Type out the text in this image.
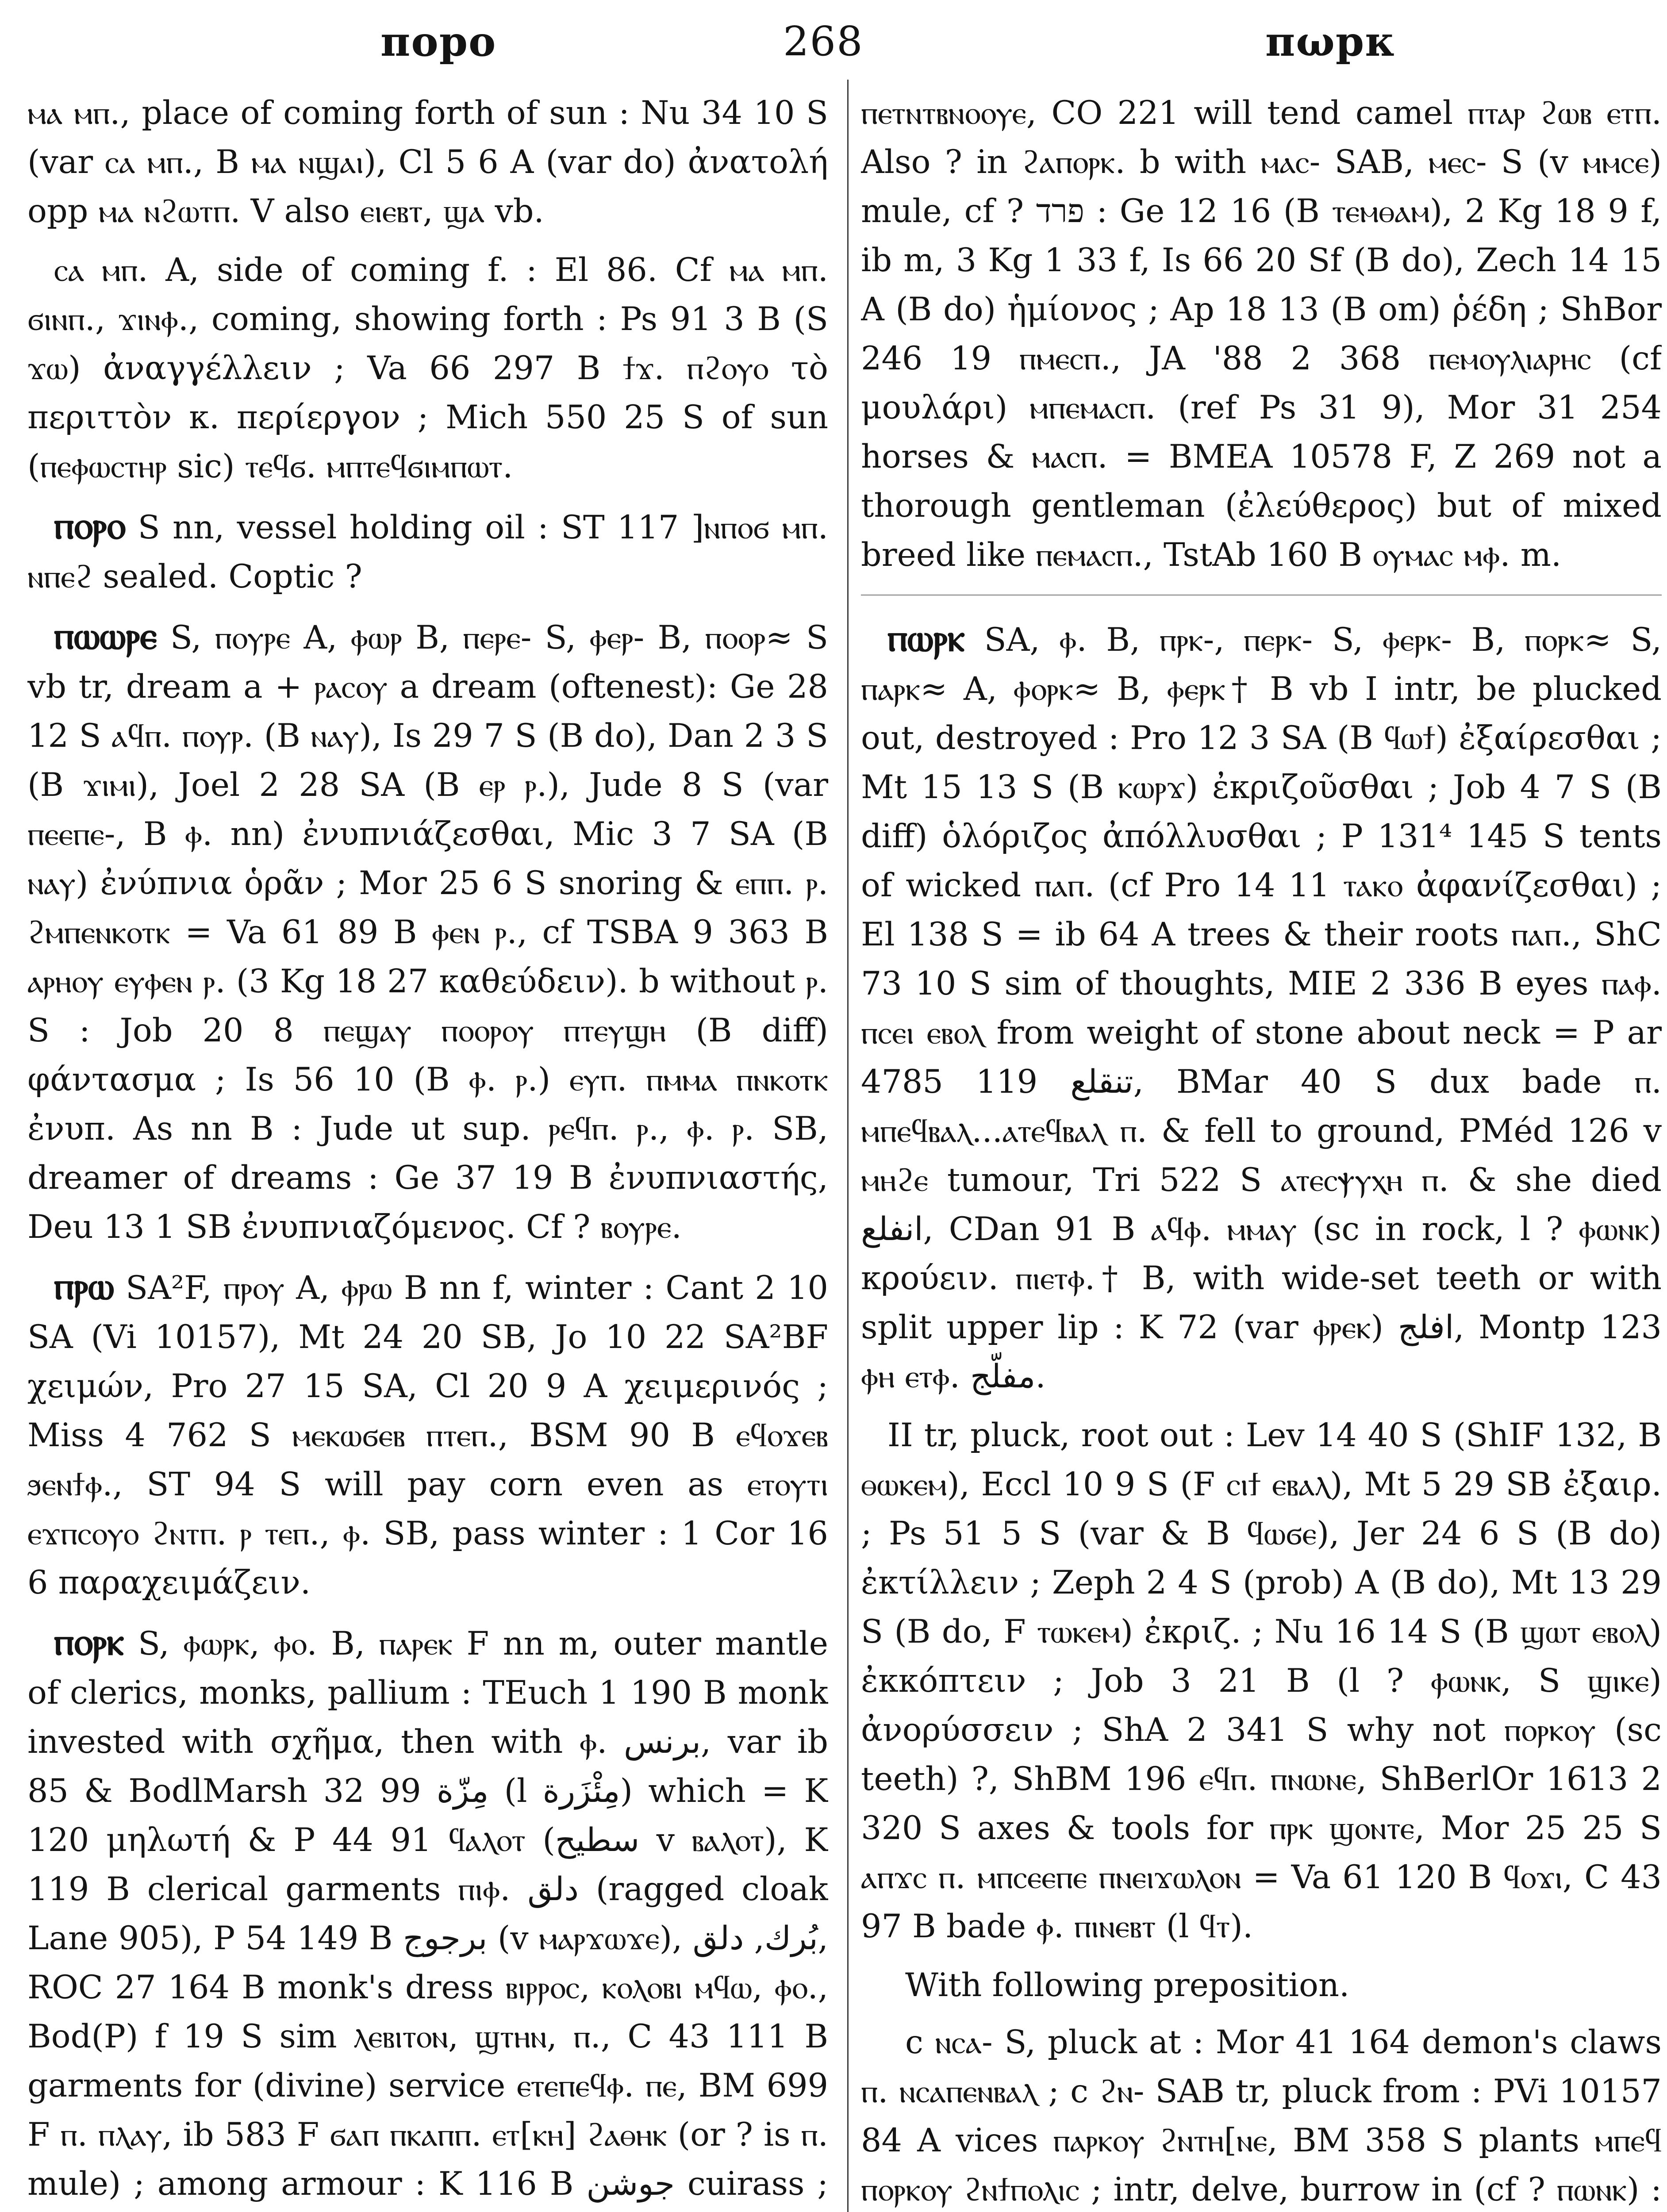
ποpo	268	πωpκ

ⲙⲁ ⲙⲡ., place of coming forth of sun : Nu 34 10 S (var ⲥⲁ ⲙⲡ., B ⲙⲁ ⲛϣⲁⲓ), Cl 5 6 A (var do) ἀνατολή opp ⲙⲁ ⲛϩⲱⲧⲡ. V also ⲉⲓⲉⲃⲧ, ϣⲁ vb.

ⲥⲁ ⲙⲡ. A, side of coming f. : El 86. Cf ⲙⲁ ⲙⲡ. ϭⲓⲛⲡ., ϫⲓⲛⲫ., coming, showing forth : Ps 91 3 B (S ϫⲱ) ἀναγγέλλειν ; Va 66 297 B ϯϫ. ⲡϩⲟⲩⲟ τὸ περιττὸν κ. περίεργον ; Mich 550 25 S of sun (ⲡⲉⲫⲱⲥⲧⲏⲣ sic) ⲧⲉϥϭ. ⲙⲡⲧⲉϥϭⲓⲙⲡⲱⲧ.

ⲡⲟⲣⲟ S nn, vessel holding oil : ST 117 ]ⲛⲡⲟϭ ⲙⲡ. ⲛⲡⲉϩ sealed. Coptic ?

ⲡⲱⲱⲣⲉ S, ⲡⲟⲩⲣⲉ A, ⲫⲱⲣ B, ⲡⲉⲣⲉ- S, ⲫⲉⲣ- B, ⲡⲟⲟⲣ≈ S vb tr, dream a + ⲣⲁⲥⲟⲩ a dream (oftenest): Ge 28 12 S ⲁϥⲡ. ⲡⲟⲩⲣ. (B ⲛⲁⲩ), Is 29 7 S (B do), Dan 2 3 S (B ϫⲓⲙⲓ), Joel 2 28 SA (B ⲉⲣ ⲣ.), Jude 8 S (var ⲡⲉⲉⲡⲉ-, B ⲫ. nn) ἐνυπνιάζεσθαι, Mic 3 7 SA (B ⲛⲁⲩ) ἐνύπνια ὁρᾶν ; Mor 25 6 S snoring & ⲉⲡⲡ. ⲣ. ϩⲙⲡⲉⲛⲕⲟⲧⲕ = Va 61 89 B ⲫⲉⲛ ⲣ., cf TSBA 9 363 B ⲁⲣⲏⲟⲩ ⲉⲩⲫⲉⲛ ⲣ. (3 Kg 18 27 καθεύδειν). b without ⲣ. S : Job 20 8 ⲡⲉϣⲁⲩ ⲡⲟⲟⲣⲟⲩ ⲡⲧⲉⲩϣⲏ (B diff) φάντασμα ; Is 56 10 (B ⲫ. ⲣ.) ⲉⲩⲡ. ⲡⲙⲙⲁ ⲡⲛⲕⲟⲧⲕ ἐνυπ. As nn B : Jude ut sup. ⲣⲉϥⲡ. ⲣ., ⲫ. ⲣ. SB, dreamer of dreams : Ge 37 19 B ἐνυπνιαστής, Deu 13 1 SB ἐνυπνιαζόμενος. Cf ? ⲃⲟⲩⲣⲉ.

ⲡⲣⲱ SA²F, ⲡⲣⲟⲩ A, ⲫⲣⲱ B nn f, winter : Cant 2 10 SA (Vi 10157), Mt 24 20 SB, Jo 10 22 SA²BF χειμών, Pro 27 15 SA, Cl 20 9 A χειμερινός ; Miss 4 762 S ⲙⲉⲕⲱϭⲉⲃ ⲡⲧⲉⲡ., BSM 90 B ⲉϥⲟϫⲉⲃ ϧⲉⲛϯⲫ., ST 94 S will pay corn even as ⲉⲧⲟⲩⲧⲓ ⲉϫⲡⲥⲟⲩⲟ ϩⲛⲧⲡ. ⲣ ⲧⲉⲡ., ⲫ. SB, pass winter : 1 Cor 16 6 παραχειμάζειν.

ⲡⲟⲣⲕ S, ⲫⲱⲣⲕ, ⲫⲟ. B, ⲡⲁⲣⲉⲕ F nn m, outer mantle of clerics, monks, pallium : TEuch 1 190 B monk invested with σχῆμα, then with ⲫ. برنس, var ib 85 & BodlMarsh 32 99 مِزّة (l مِئْزَرة) which = K 120 μηλωτή & P 44 91 ϥⲁⲗⲟⲧ (سطيح v ⲃⲁⲗⲟⲧ), K 119 B clerical garments ⲡⲓⲫ. دلق (ragged cloak Lane 905), P 54 149 B برجوج (v ⲙⲁⲣϫⲱϫⲉ), بُرك, دلق, ROC 27 164 B monk's dress ⲃⲓⲣⲣⲟⲥ, ⲕⲟⲗⲟⲃⲓ ⲙϥⲱ, ⲫⲟ., Bod(P) f 19 S sim ⲗⲉⲃⲓⲧⲟⲛ, ϣⲧⲏⲛ, ⲡ., C 43 111 B garments for (divine) service ⲉⲧⲉⲡⲉϥⲫ. ⲡⲉ, BM 699 F ⲡ. ⲡⲗⲁⲩ, ib 583 F ϭⲁⲡ ⲡⲕⲁⲡⲡ. ⲉⲧ[ⲕⲏ] ϩⲁⲑⲏⲕ (or ? is ⲡ. mule) ; among armour : K 116 B جوشن cuirass ;

ⲡⲉⲧⲛⲧⲃⲛⲟⲟⲩⲉ, CO 221 will tend camel ⲡⲧⲁⲣ ϩⲱⲃ ⲉⲧⲡ. Also ? in ϩⲁⲡⲟⲣⲕ. b with ⲙⲁⲥ- SAB, ⲙⲉⲥ- S (v ⲙⲙⲥⲉ) mule, cf ? פרד : Ge 12 16 (B ⲧⲉⲙⲑⲁⲙ), 2 Kg 18 9 f, ib m, 3 Kg 1 33 f, Is 66 20 Sf (B do), Zech 14 15 A (B do) ἡμίονος ; Ap 18 13 (B om) ῥέδη ; ShBor 246 19 ⲡⲙⲉⲥⲡ., JA '88 2 368 ⲡⲉⲙⲟⲩⲗⲓⲁⲣⲏⲥ (cf μουλάρι) ⲙⲡⲉⲙⲁⲥⲡ. (ref Ps 31 9), Mor 31 254 horses & ⲙⲁⲥⲡ. = BMEA 10578 F, Z 269 not a thorough gentleman (ἐλεύθερος) but of mixed breed like ⲡⲉⲙⲁⲥⲡ., TstAb 160 B ⲟⲩⲙⲁⲥ ⲙⲫ. m.

ⲡⲱⲣⲕ SA, ⲫ. B, ⲡⲣⲕ-, ⲡⲉⲣⲕ- S, ⲫⲉⲣⲕ- B, ⲡⲟⲣⲕ≈ S, ⲡⲁⲣⲕ≈ A, ⲫⲟⲣⲕ≈ B, ⲫⲉⲣⲕ† B vb I intr, be plucked out, destroyed : Pro 12 3 SA (B ϥⲱϯ) ἐξαίρεσθαι ; Mt 15 13 S (B ⲕⲱⲣϫ) ἐκριζοῦσθαι ; Job 4 7 S (B diff) ὁλόριζος ἀπόλλυσθαι ; P 131⁴ 145 S tents of wicked ⲡⲁⲡ. (cf Pro 14 11 ⲧⲁⲕⲟ ἀφανίζεσθαι) ; El 138 S = ib 64 A trees & their roots ⲡⲁⲡ., ShC 73 10 S sim of thoughts, MIE 2 336 B eyes ⲡⲁⲫ. ⲡⲥⲉⲓ ⲉⲃⲟⲗ from weight of stone about neck = P ar 4785 119 تنقلع, BMar 40 S dux bade ⲡ. ⲙⲡⲉϥⲃⲁⲗ...ⲁⲧⲉϥⲃⲁⲗ ⲡ. & fell to ground, PMéd 126 v ⲙⲏϩⲉ tumour, Tri 522 S ⲁⲧⲉⲥⲯⲩⲭⲏ ⲡ. & she died انفلع, CDan 91 B ⲁϥⲫ. ⲙⲙⲁⲩ (sc in rock, l ? ⲫⲱⲛⲕ) κρούειν. ⲡⲓⲉⲧⲫ.† B, with wide-set teeth or with split upper lip : K 72 (var ⲫⲣⲉⲕ) افلج, Montp 123 ⲫⲏ ⲉⲧⲫ. مفلّج.

II tr, pluck, root out : Lev 14 40 S (ShIF 132, B ⲑⲱⲕⲉⲙ), Eccl 10 9 S (F ⲥⲓϯ ⲉⲃⲁⲗ), Mt 5 29 SB ἐξαιρ. ; Ps 51 5 S (var & B ϥⲱϭⲉ), Jer 24 6 S (B do) ἐκτίλλειν ; Zeph 2 4 S (prob) A (B do), Mt 13 29 S (B do, F ⲧⲱⲕⲉⲙ) ἐκριζ. ; Nu 16 14 S (B ϣⲱⲧ ⲉⲃⲟⲗ) ἐκκόπτειν ; Job 3 21 B (l ? ⲫⲱⲛⲕ, S ϣⲓⲕⲉ) ἀνορύσσειν ; ShA 2 341 S why not ⲡⲟⲣⲕⲟⲩ (sc teeth) ?, ShBM 196 ⲉϥⲡ. ⲡⲛⲱⲛⲉ, ShBerlOr 1613 2 320 S axes & tools for ⲡⲣⲕ ϣⲟⲛⲧⲉ, Mor 25 25 S ⲁⲡϫⲥ ⲡ. ⲙⲡⲥⲉⲉⲡⲉ ⲡⲛⲉⲓϫⲱⲗⲟⲛ = Va 61 120 B ϥⲟϫⲓ, C 43 97 B bade ⲫ. ⲡⲓⲛⲉⲃⲧ (l ϥⲧ).

With following preposition.

c ⲛⲥⲁ- S, pluck at : Mor 41 164 demon's claws ⲡ. ⲛⲥⲁⲡⲉⲛⲃⲁⲗ ; c ϩⲛ- SAB tr, pluck from : PVi 10157 84 A vices ⲡⲁⲣⲕⲟⲩ ϩⲛⲧⲏ[ⲛⲉ, BM 358 S plants ⲙⲡⲉϥ ⲡⲟⲣⲕⲟⲩ ϩⲛϯⲡⲟⲗⲓⲥ ; intr, delve, burrow in (cf ? ⲡⲱⲛⲕ) :
